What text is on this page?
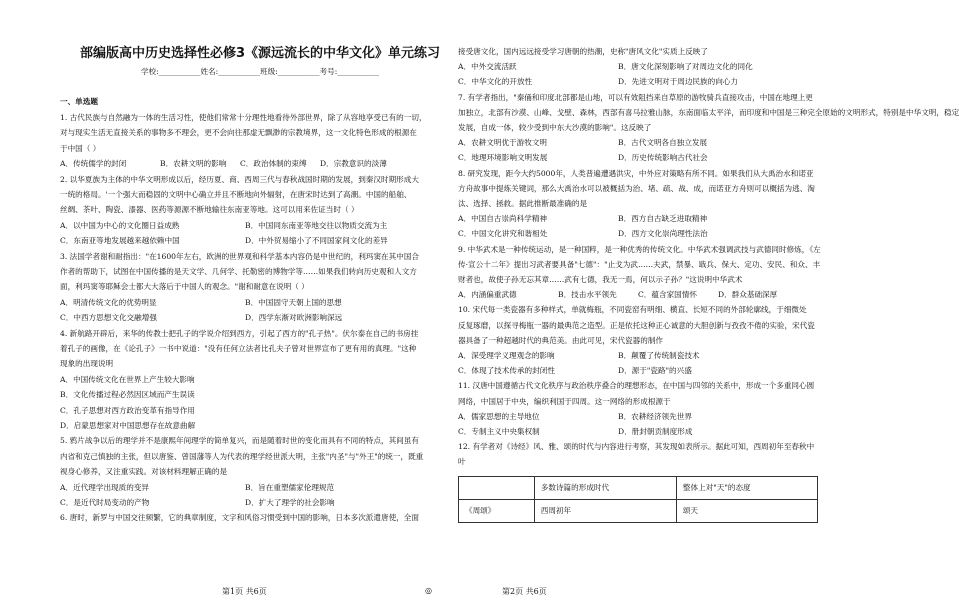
部编版高中历史选择性必修3《源远流长的中华文化》单元练习
学校:___________姓名:___________班级:___________考号:___________
一、单选题
1. 古代民族与自然融为一体的生活习性，使他们常常十分理性地看待外部世界，除了从容地享受已有的一切，
对与现实生活无直接关系的事物多不理会，更不会向往那虚无飘渺的宗教境界，这一文化特色形成的根源在
于中国（ ）
2. 以华夏族为主体的中华文明形成以后，经历夏、商、西周三代与春秋战国时期的发展，到秦汉时期形成大
一统的格局。'一个强大而稳固的文明中心确立并且不断地向外辐射，在唐宋时达到了高潮。中国的船舶、
丝绸、茶叶、陶瓷、漆器、医药等源源不断地输往东南亚等地。这可以用来佐证当时（ ）
3. 法国学者谢和耐指出："在1600年左右，欧洲的世界观和科学基本内容仍是中世纪的，利玛窦在其中国合
作者的帮助下，试图在中国传播的是天文学、几何学、托勒密的博物学等……如果我们转向历史观和人文方
面，利玛窦等耶稣会士都大大落后于中国人的观念。"谢和耐意在说明（ ）
4. 新航路开辟后，来华的传教士把孔子的学说介绍到西方，引起了西方的"孔子热"。伏尔泰在自己的书房挂
着孔子的画像，在《论孔子》一书中说道："没有任何立法者比孔夫子曾对世界宣布了更有用的真理。"这种
现象的出现说明
5. 鸦片战争以后的理学并不是康熙年间理学的简单复兴，而是随着时世的变化而具有不同的特点，其间虽有
内省和克己慎独的主张，但以唐鉴、曾国藩等人为代表的理学经世派大明，主张"内圣"与"外王"的统一，既重
视身心修养，又注重实践。对该材料理解正确的是
6. 唐时，新罗与中国交往频繁，它的典章制度，文字和风俗习惯受到中国的影响，日本多次派遣唐使，全面
A．传统儒学的封闭	B．农耕文明的影响 C．政治体制的束缚 D．宗教意识的淡薄
A．以中国为中心的文化圈日益成熟	B．中国同东南亚等地交往以物质交流为主
C．东南亚等地发展越来越依赖中国	D．中外贸易缩小了不同国家间文化的差异
A．明清传统文化的优势明显	B．中国固守天朝上国的思想
C．中西方思想文化交融增强	D．西学东渐对欧洲影响深远
A．中国传统文化在世界上产生较大影响
B．文化传播过程必然因区域而产生误读
C．孔子思想对西方政治变革有指导作用
D．启蒙思想家对中国思想存在故意曲解
A．近代理学出现质的变异	B．旨在重塑儒家伦理规范
C．是近代时局变动的产物	D．扩大了理学的社会影响
	多数诗篇的形成时代	整体上对"天"的态度
《周颂》	西周初年	颂天
接受唐文化，国内远远接受学习唐朝的热潮，史称"唐风文化"实质上反映了
7. 有学者指出，"秦俑和印度北部都是山地，可以有效阻挡来自草原的游牧骑兵直接攻击，中国在地理上更
加独立，北部有沙漠、山峰、戈壁、森林，西部有喜马拉雅山脉，东南面临太平洋，而印度和中国是三种完全原始的文明形式，特别是中华文明，稳定
发展，自成一体，较少受到中东大沙漠的影响"。这反映了
8. 研究发现，距今大约5000年，人类普遍遭遇洪灾，中外应对策略有所不同。如果我们从大禹治水和诺亚
方舟故事中提炼关键词，那么大禹治水可以被概括为治、堵、疏、战、成，而诺亚方舟则可以概括为逃、淘
汰、选择、拯救。据此推断最准确的是
9. 中华武术是一种传统运动，是一种国粹，是一种优秀的传统文化。中华武术强调武技与武德同时修炼，《左
传·宣公十二年》提出习武者要具备"七德"："止戈为武……夫武，禁暴、戢兵、保大、定功、安民、和众、丰
财者也，故使子孙无忘其章……武有七德，我无一焉，何以示子孙？"这说明中华武术
10. 宋代每一类瓷器有多种样式，单就梅瓶，不同瓷窑有明细、横直、长短不同的外部轮廓线，于细微处
反复琢磨，以探寻梅瓶一器的最典范之造型。正是依托这种正心诚意的大胆创新与孜孜不倦的实验，宋代瓷
器具备了一种超越时代的典范美。由此可见，宋代瓷器的制作
11. 汉唐中国遵循古代文化秩序与政治秩序叠合的理想形态，在中国与四邻的关系中，形成一个多重同心圆
网络，中国居于中央，编织利国于四周。这一网络的形成根源于
12. 有学者对《诗经》风、雅、颂的时代与内容进行考察，其发现如表所示。据此可知，西周初年至春秋中
叶
A．中外交流活跃	B．唐文化深刻影响了对周边文化的同化
C．中华文化的开放性	D．先进文明对于周边民族的向心力
A．农耕文明优于游牧文明	B．古代文明各自独立发展
C．地理环境影响文明发展	D．历史传统影响古代社会
A．中国自古崇尚科学精神	B．西方自古缺乏进取精神
C．中国文化讲究和谐相处	D．西方文化崇尚理性法治
A．内涵偏重武德	B．技击水平领先	C．蕴含家国情怀	D．群众基础深厚
A．深受理学义理观念的影响	B．颠覆了传统制瓷技术
C．体现了技术传承的封闭性	D．源于"瓷路"的兴盛
A．儒家思想的主导地位	B．农耕经济领先世界
C．专制主义中央集权制	D．册封朝贡制度形成
第1页 共6页	◎	第2页 共6页
